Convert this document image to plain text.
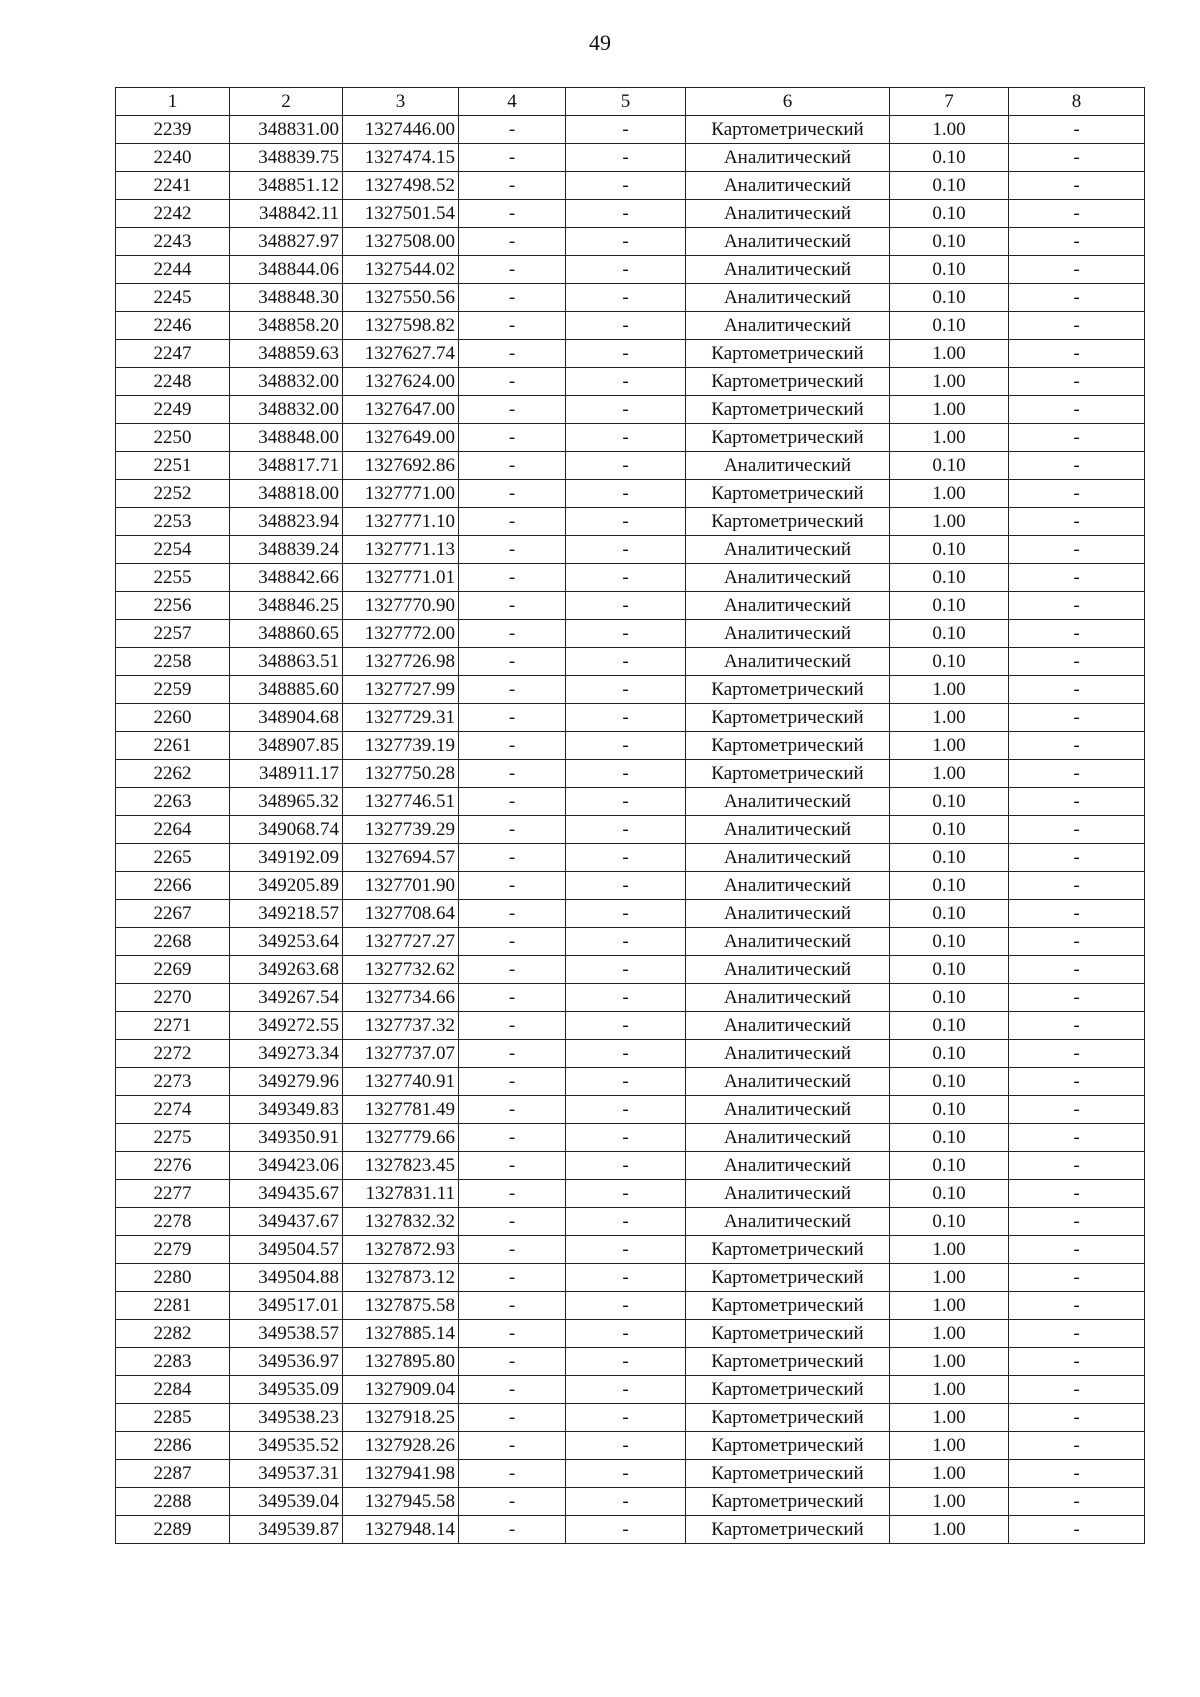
49
1	2	3	4	5	6	7	8
2239	348831.00	1327446.00	-	-	Картометрический	1.00	-
2240	348839.75	1327474.15	-	-	Аналитический	0.10	-
2241	348851.12	1327498.52	-	-	Аналитический	0.10	-
2242	348842.11	1327501.54	-	-	Аналитический	0.10	-
2243	348827.97	1327508.00	-	-	Аналитический	0.10	-
2244	348844.06	1327544.02	-	-	Аналитический	0.10	-
2245	348848.30	1327550.56	-	-	Аналитический	0.10	-
2246	348858.20	1327598.82	-	-	Аналитический	0.10	-
2247	348859.63	1327627.74	-	-	Картометрический	1.00	-
2248	348832.00	1327624.00	-	-	Картометрический	1.00	-
2249	348832.00	1327647.00	-	-	Картометрический	1.00	-
2250	348848.00	1327649.00	-	-	Картометрический	1.00	-
2251	348817.71	1327692.86	-	-	Аналитический	0.10	-
2252	348818.00	1327771.00	-	-	Картометрический	1.00	-
2253	348823.94	1327771.10	-	-	Картометрический	1.00	-
2254	348839.24	1327771.13	-	-	Аналитический	0.10	-
2255	348842.66	1327771.01	-	-	Аналитический	0.10	-
2256	348846.25	1327770.90	-	-	Аналитический	0.10	-
2257	348860.65	1327772.00	-	-	Аналитический	0.10	-
2258	348863.51	1327726.98	-	-	Аналитический	0.10	-
2259	348885.60	1327727.99	-	-	Картометрический	1.00	-
2260	348904.68	1327729.31	-	-	Картометрический	1.00	-
2261	348907.85	1327739.19	-	-	Картометрический	1.00	-
2262	348911.17	1327750.28	-	-	Картометрический	1.00	-
2263	348965.32	1327746.51	-	-	Аналитический	0.10	-
2264	349068.74	1327739.29	-	-	Аналитический	0.10	-
2265	349192.09	1327694.57	-	-	Аналитический	0.10	-
2266	349205.89	1327701.90	-	-	Аналитический	0.10	-
2267	349218.57	1327708.64	-	-	Аналитический	0.10	-
2268	349253.64	1327727.27	-	-	Аналитический	0.10	-
2269	349263.68	1327732.62	-	-	Аналитический	0.10	-
2270	349267.54	1327734.66	-	-	Аналитический	0.10	-
2271	349272.55	1327737.32	-	-	Аналитический	0.10	-
2272	349273.34	1327737.07	-	-	Аналитический	0.10	-
2273	349279.96	1327740.91	-	-	Аналитический	0.10	-
2274	349349.83	1327781.49	-	-	Аналитический	0.10	-
2275	349350.91	1327779.66	-	-	Аналитический	0.10	-
2276	349423.06	1327823.45	-	-	Аналитический	0.10	-
2277	349435.67	1327831.11	-	-	Аналитический	0.10	-
2278	349437.67	1327832.32	-	-	Аналитический	0.10	-
2279	349504.57	1327872.93	-	-	Картометрический	1.00	-
2280	349504.88	1327873.12	-	-	Картометрический	1.00	-
2281	349517.01	1327875.58	-	-	Картометрический	1.00	-
2282	349538.57	1327885.14	-	-	Картометрический	1.00	-
2283	349536.97	1327895.80	-	-	Картометрический	1.00	-
2284	349535.09	1327909.04	-	-	Картометрический	1.00	-
2285	349538.23	1327918.25	-	-	Картометрический	1.00	-
2286	349535.52	1327928.26	-	-	Картометрический	1.00	-
2287	349537.31	1327941.98	-	-	Картометрический	1.00	-
2288	349539.04	1327945.58	-	-	Картометрический	1.00	-
2289	349539.87	1327948.14	-	-	Картометрический	1.00	-
